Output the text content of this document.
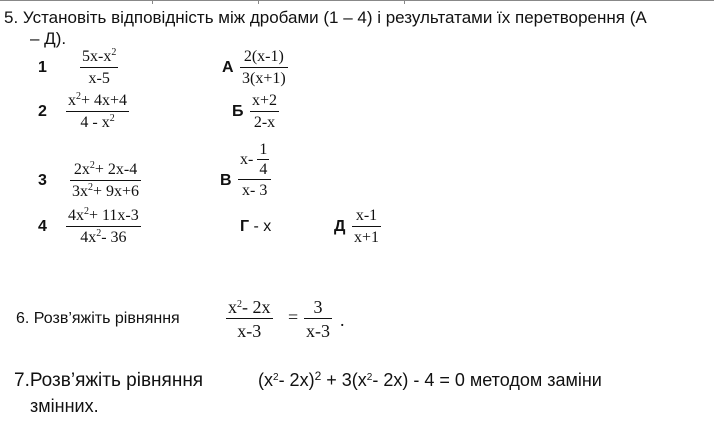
5. Установіть відповідність між дробами (1 – 4) і результатами їх перетворення (А
– Д).
1
$5x-x^2$
x-5
2
$x^2+ 4x+4$
$4 - x^2$
3
$2x^2+ 2x-4$
$3x^2+ 9x+6$
4
$4x^2+ 11x-3$
$4x^2-$ 36
А
2(x-1)
3(x+1)
Б
x+2
2-x
В
$x- \frac{1}{4}$
x- 3
Г - x	Д
x-1
x+1
6. Розв’яжіть рівняння
$x^2-$ 2x
x-3
= 3
x-3
.
7.Розв’яжіть рівняння	($x^2-$ $2x)^2 + 3(x^2-$ 2x) - 4 = 0 методом заміни
змінних.
